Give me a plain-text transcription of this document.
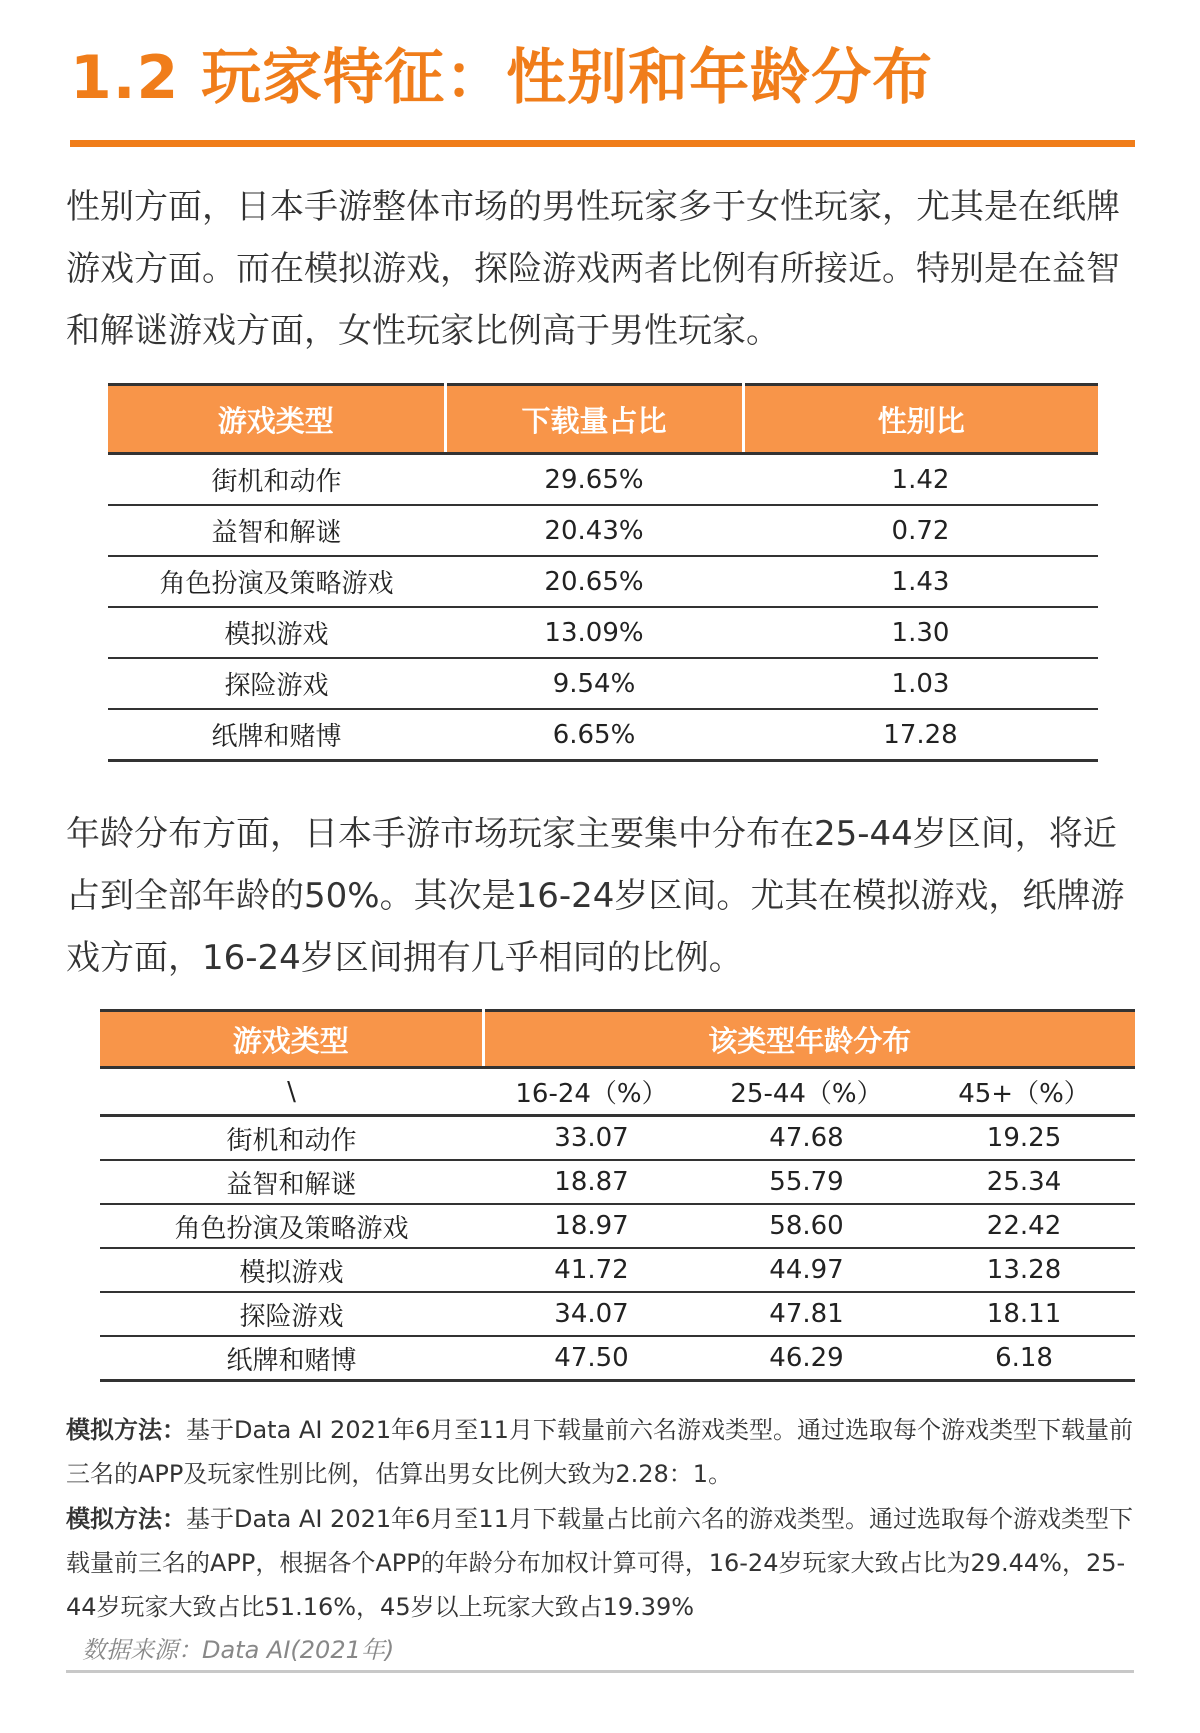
1.2 玩家特征：性别和年龄分布

性别方面，日本手游整体市场的男性玩家多于女性玩家，尤其是在纸牌游戏方面。而在模拟游戏，探险游戏两者比例有所接近。特别是在益智和解谜游戏方面，女性玩家比例高于男性玩家。

游戏类型	下载量占比	性别比
街机和动作	29.65%	1.42
益智和解谜	20.43%	0.72
角色扮演及策略游戏	20.65%	1.43
模拟游戏	13.09%	1.30
探险游戏	9.54%	1.03
纸牌和赌博	6.65%	17.28

年龄分布方面，日本手游市场玩家主要集中分布在25-44岁区间，将近占到全部年龄的50%。其次是16-24岁区间。尤其在模拟游戏，纸牌游戏方面，16-24岁区间拥有几乎相同的比例。

游戏类型	该类型年龄分布		
\	16-24（%）	25-44（%）	45+（%）
街机和动作	33.07	47.68	19.25
益智和解谜	18.87	55.79	25.34
角色扮演及策略游戏	18.97	58.60	22.42
模拟游戏	41.72	44.97	13.28
探险游戏	34.07	47.81	18.11
纸牌和赌博	47.50	46.29	6.18

模拟方法：基于Data AI 2021年6月至11月下载量前六名游戏类型。通过选取每个游戏类型下载量前三名的APP及玩家性别比例，估算出男女比例大致为2.28：1。

模拟方法：基于Data AI 2021年6月至11月下载量占比前六名的游戏类型。通过选取每个游戏类型下载量前三名的APP，根据各个APP的年龄分布加权计算可得，16-24岁玩家大致占比为29.44%，25-44岁玩家大致占比51.16%，45岁以上玩家大致占19.39%

数据来源：Data AI(2021年)
